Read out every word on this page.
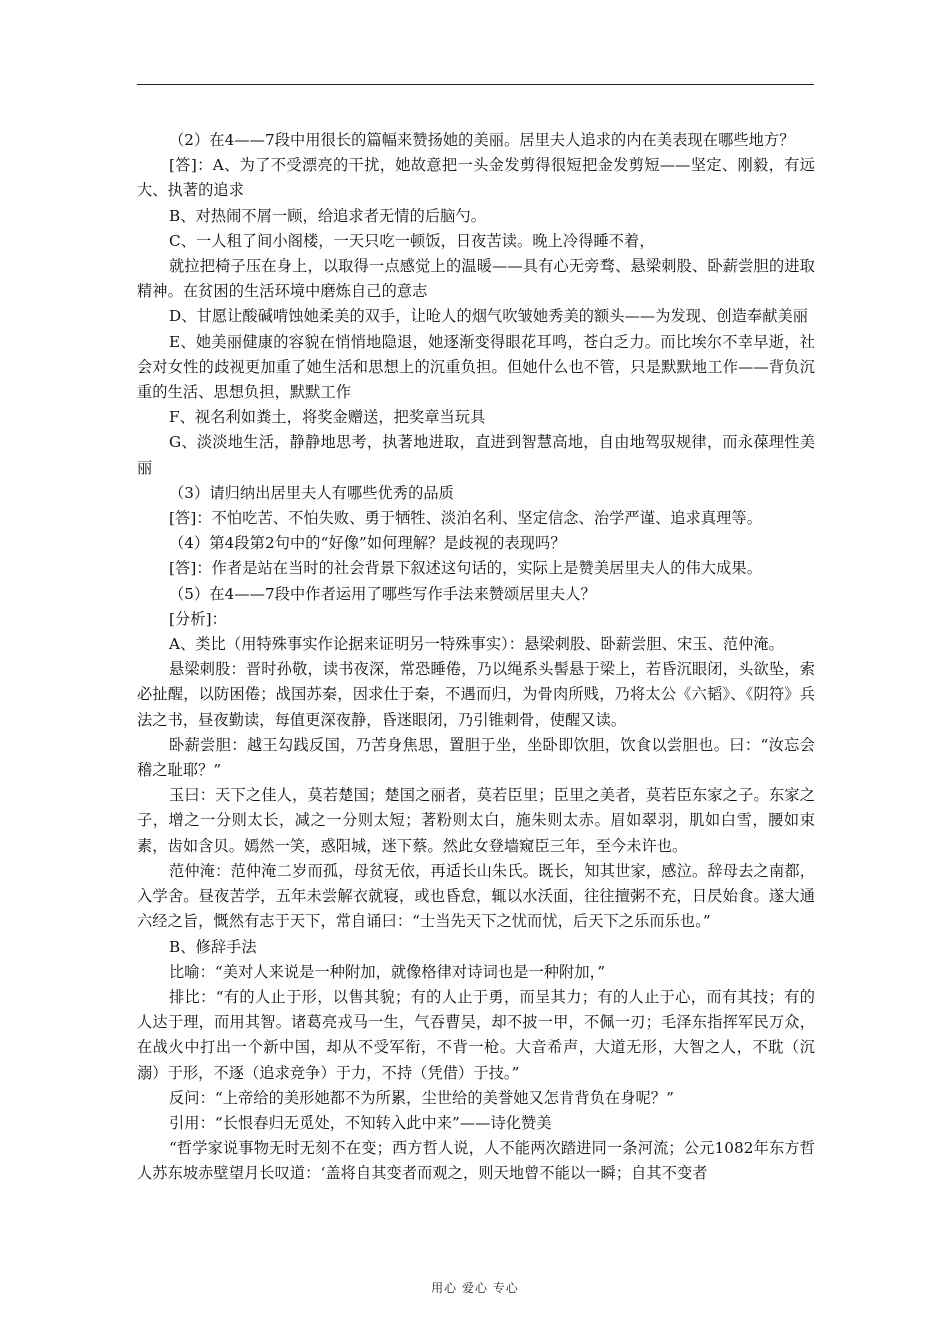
（2）在4——7段中用很长的篇幅来赞扬她的美丽。居里夫人追求的内在美表现在哪些地方？

[答]：A、为了不受漂亮的干扰，她故意把一头金发剪得很短把金发剪短——坚定、刚毅，有远大、执著的追求

B、对热闹不屑一顾，给追求者无情的后脑勺。

C、一人租了间小阁楼，一天只吃一顿饭，日夜苦读。晚上冷得睡不着，

就拉把椅子压在身上，以取得一点感觉上的温暖——具有心无旁骛、悬梁刺股、卧薪尝胆的进取精神。在贫困的生活环境中磨炼自己的意志

D、甘愿让酸碱啃蚀她柔美的双手，让呛人的烟气吹皱她秀美的额头——为发现、创造奉献美丽

E、她美丽健康的容貌在悄悄地隐退，她逐渐变得眼花耳鸣，苍白乏力。而比埃尔不幸早逝，社会对女性的歧视更加重了她生活和思想上的沉重负担。但她什么也不管，只是默默地工作——背负沉重的生活、思想负担，默默工作

F、视名利如粪土，将奖金赠送，把奖章当玩具

G、淡淡地生活，静静地思考，执著地进取，直进到智慧高地，自由地驾驭规律，而永葆理性美丽

（3）请归纳出居里夫人有哪些优秀的品质

[答]：不怕吃苦、不怕失败、勇于牺牲、淡泊名利、坚定信念、治学严谨、追求真理等。

（4）第4段第2句中的“好像”如何理解？是歧视的表现吗？

[答]：作者是站在当时的社会背景下叙述这句话的，实际上是赞美居里夫人的伟大成果。

（5）在4——7段中作者运用了哪些写作手法来赞颂居里夫人？

[分析]：

A、类比（用特殊事实作论据来证明另一特殊事实）：悬梁刺股、卧薪尝胆、宋玉、范仲淹。

悬梁刺股：晋时孙敬，读书夜深，常恐睡倦，乃以绳系头髻悬于梁上，若昏沉眼闭，头欲坠，索必扯醒，以防困倦；战国苏秦，因求仕于秦，不遇而归，为骨肉所贱，乃将太公《六韬》、《阴符》兵法之书，昼夜勤读，每值更深夜静，昏迷眼闭，乃引锥刺骨，使醒又读。

卧薪尝胆：越王勾践反国，乃苦身焦思，置胆于坐，坐卧即饮胆，饮食以尝胆也。曰：“汝忘会稽之耻耶？”

玉曰：天下之佳人，莫若楚国；楚国之丽者，莫若臣里；臣里之美者，莫若臣东家之子。东家之子，增之一分则太长，减之一分则太短；著粉则太白，施朱则太赤。眉如翠羽，肌如白雪，腰如束素，齿如含贝。嫣然一笑，惑阳城，迷下蔡。然此女登墙窥臣三年，至今未许也。

范仲淹：范仲淹二岁而孤，母贫无依，再适长山朱氏。既长，知其世家，感泣。辞母去之南都，入学舍。昼夜苦学，五年未尝解衣就寝，或也昏怠，辄以水沃面，往往擅粥不充，日昃始食。遂大通六经之旨，慨然有志于天下，常自诵曰：“士当先天下之忧而忧，后天下之乐而乐也。”

B、修辞手法

比喻：“美对人来说是一种附加，就像格律对诗词也是一种附加，”

排比：“有的人止于形，以售其貌；有的人止于勇，而呈其力；有的人止于心，而有其技；有的人达于理，而用其智。诸葛亮戎马一生，气吞曹吴，却不披一甲，不佩一刃；毛泽东指挥军民万众，在战火中打出一个新中国，却从不受军衔，不背一枪。大音希声，大道无形，大智之人，不耽（沉溺）于形，不逐（追求竞争）于力，不持（凭借）于技。”

反问：“上帝给的美形她都不为所累，尘世给的美誉她又怎肯背负在身呢？”

引用：“长恨春归无觅处，不知转入此中来”——诗化赞美

“哲学家说事物无时无刻不在变；西方哲人说，人不能两次踏进同一条河流；公元1082年东方哲人苏东坡赤壁望月长叹道：‘盖将自其变者而观之，则天地曾不能以一瞬；自其不变者

用心 爱心 专心
